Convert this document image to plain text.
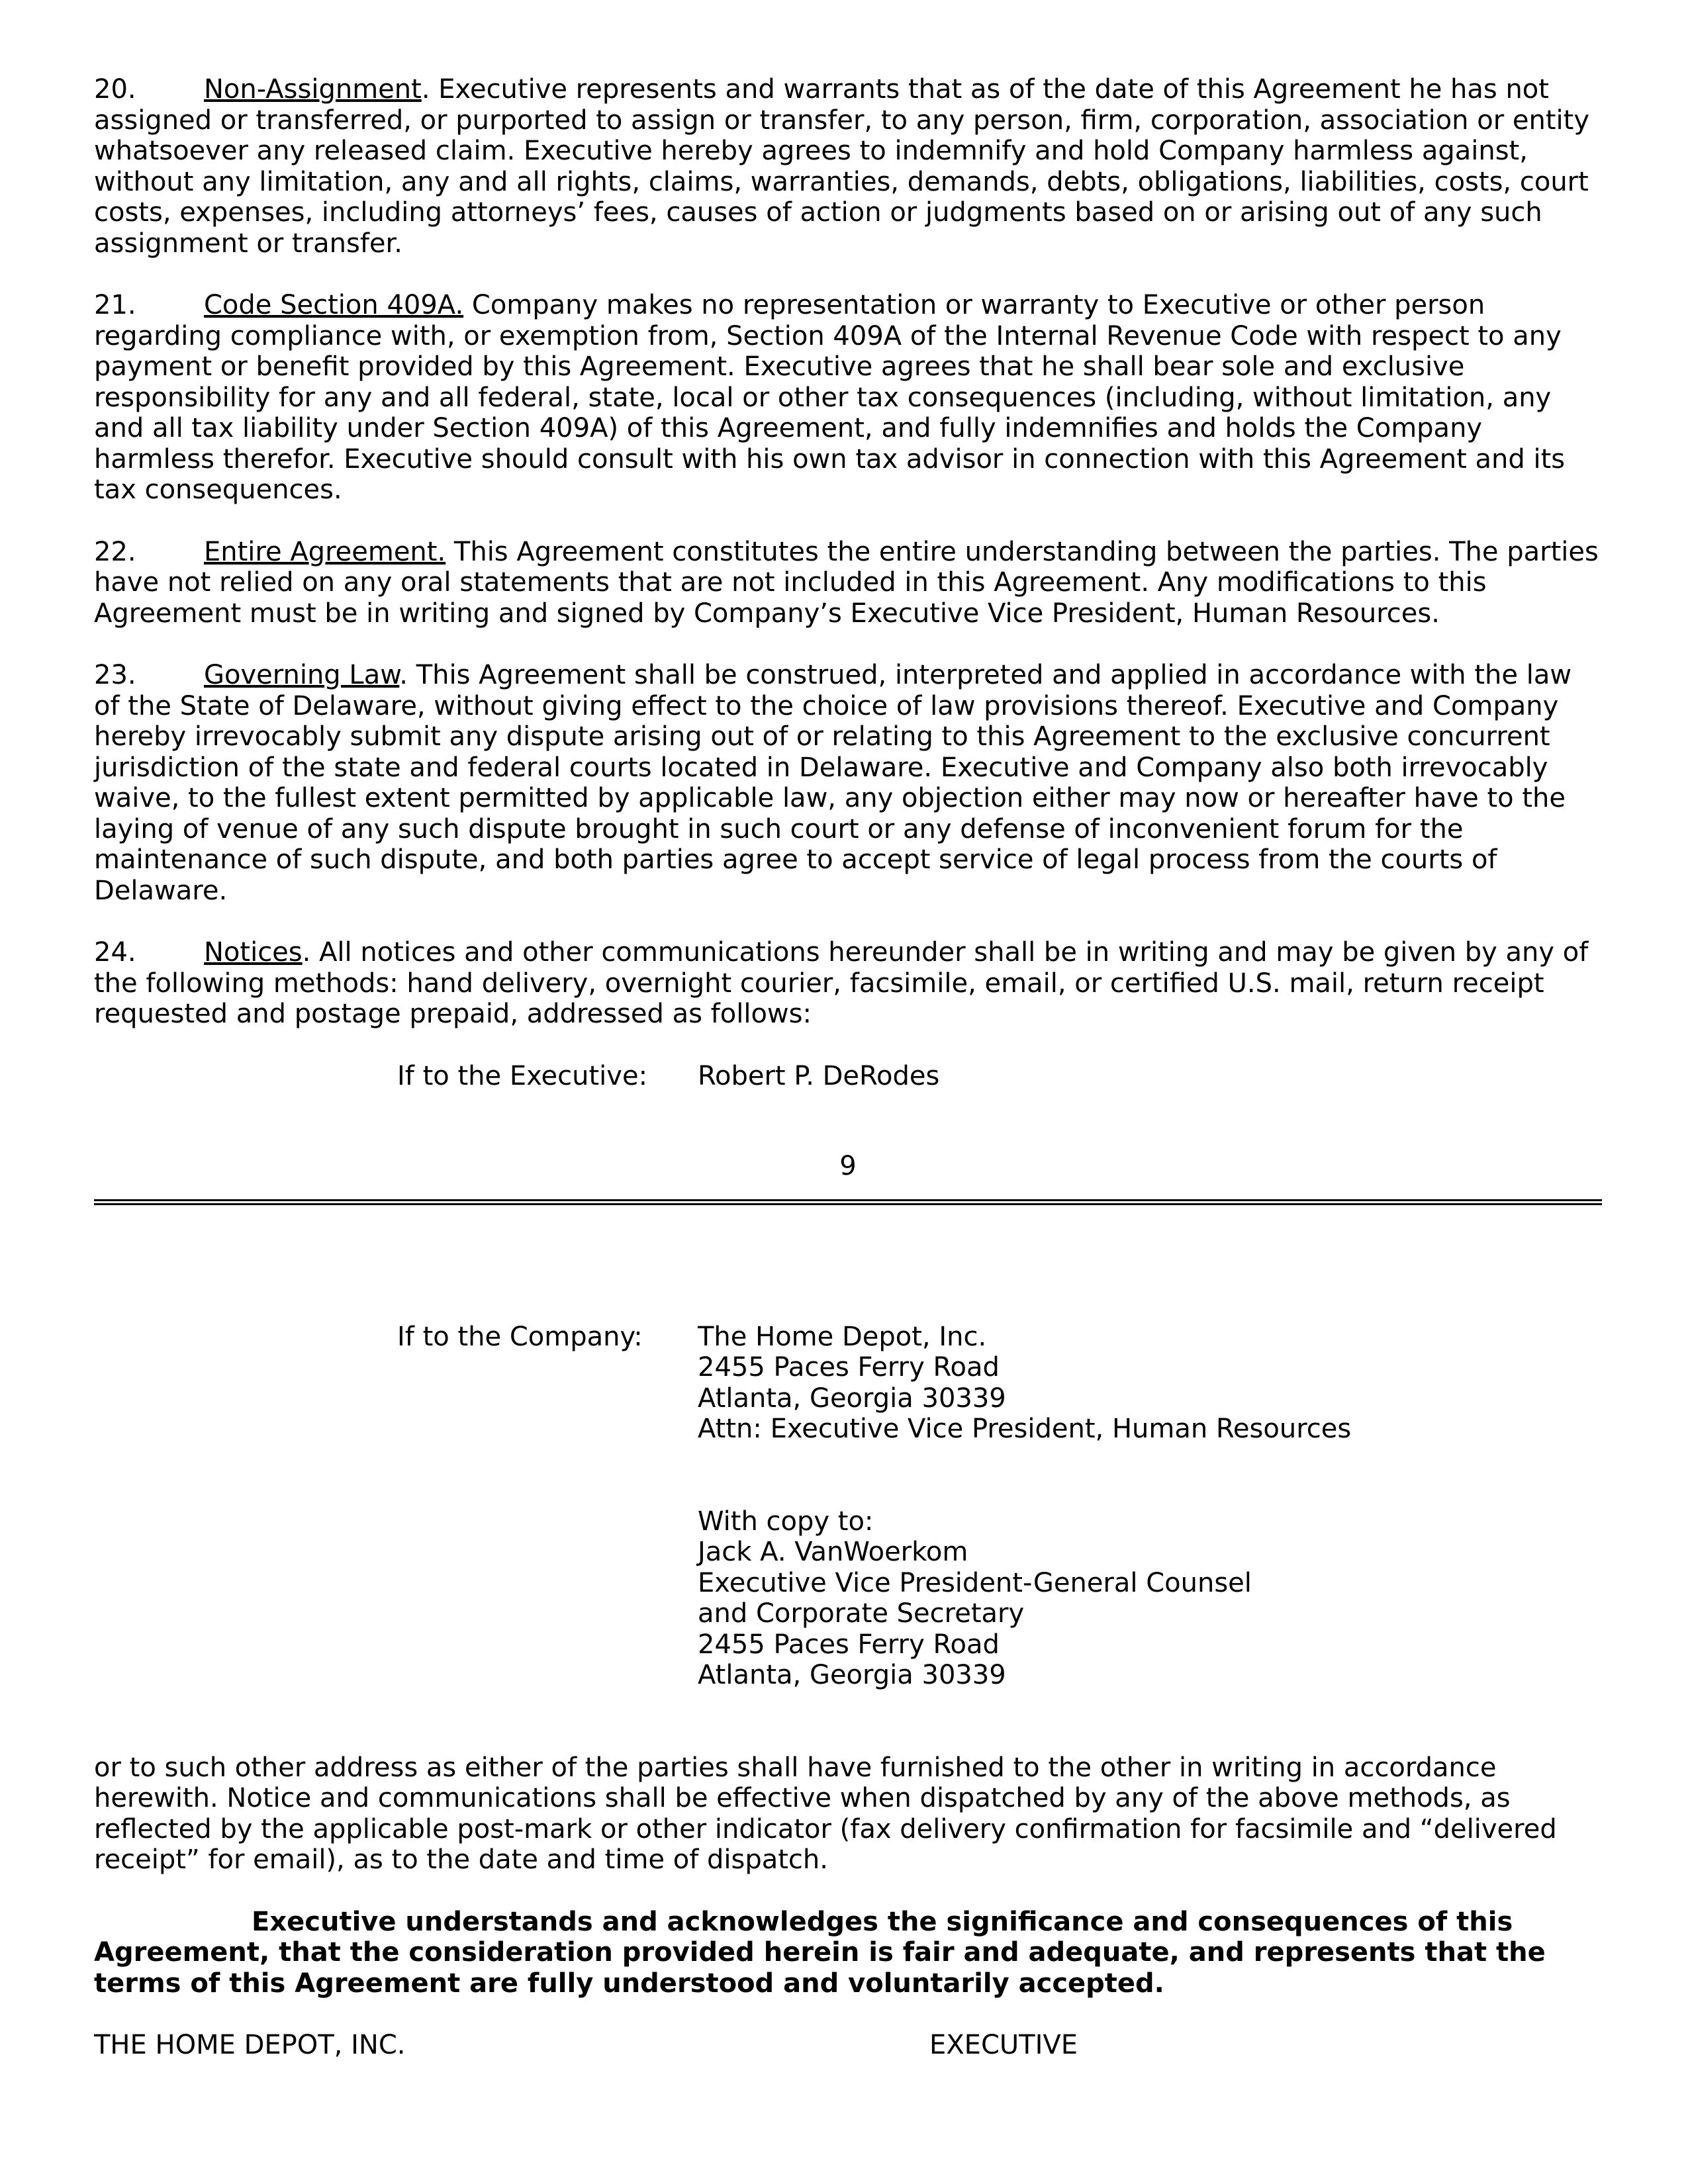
20.	Non-Assignment. Executive represents and warrants that as of the date of this Agreement he has not assigned or transferred, or purported to assign or transfer, to any person, firm, corporation, association or entity whatsoever any released claim. Executive hereby agrees to indemnify and hold Company harmless against, without any limitation, any and all rights, claims, warranties, demands, debts, obligations, liabilities, costs, court costs, expenses, including attorneys’ fees, causes of action or judgments based on or arising out of any such assignment or transfer.

21.	Code Section 409A. Company makes no representation or warranty to Executive or other person regarding compliance with, or exemption from, Section 409A of the Internal Revenue Code with respect to any payment or benefit provided by this Agreement. Executive agrees that he shall bear sole and exclusive responsibility for any and all federal, state, local or other tax consequences (including, without limitation, any and all tax liability under Section 409A) of this Agreement, and fully indemnifies and holds the Company harmless therefor. Executive should consult with his own tax advisor in connection with this Agreement and its tax consequences.

22.	Entire Agreement. This Agreement constitutes the entire understanding between the parties. The parties have not relied on any oral statements that are not included in this Agreement. Any modifications to this Agreement must be in writing and signed by Company’s Executive Vice President, Human Resources.

23.	Governing Law. This Agreement shall be construed, interpreted and applied in accordance with the law of the State of Delaware, without giving effect to the choice of law provisions thereof. Executive and Company hereby irrevocably submit any dispute arising out of or relating to this Agreement to the exclusive concurrent jurisdiction of the state and federal courts located in Delaware. Executive and Company also both irrevocably waive, to the fullest extent permitted by applicable law, any objection either may now or hereafter have to the laying of venue of any such dispute brought in such court or any defense of inconvenient forum for the maintenance of such dispute, and both parties agree to accept service of legal process from the courts of Delaware.

24.	Notices. All notices and other communications hereunder shall be in writing and may be given by any of the following methods: hand delivery, overnight courier, facsimile, email, or certified U.S. mail, return receipt requested and postage prepaid, addressed as follows:

If to the Executive:	Robert P. DeRodes
9
If to the Company:	The Home Depot, Inc.
2455 Paces Ferry Road
Atlanta, Georgia 30339
Attn: Executive Vice President, Human Resources
With copy to:
Jack A. VanWoerkom
Executive Vice President-General Counsel
and Corporate Secretary
2455 Paces Ferry Road
Atlanta, Georgia 30339

or to such other address as either of the parties shall have furnished to the other in writing in accordance herewith. Notice and communications shall be effective when dispatched by any of the above methods, as reflected by the applicable post-mark or other indicator (fax delivery confirmation for facsimile and “delivered receipt” for email), as to the date and time of dispatch.

Executive understands and acknowledges the significance and consequences of this Agreement, that the consideration provided herein is fair and adequate, and represents that the terms of this Agreement are fully understood and voluntarily accepted.

THE HOME DEPOT, INC.	EXECUTIVE
